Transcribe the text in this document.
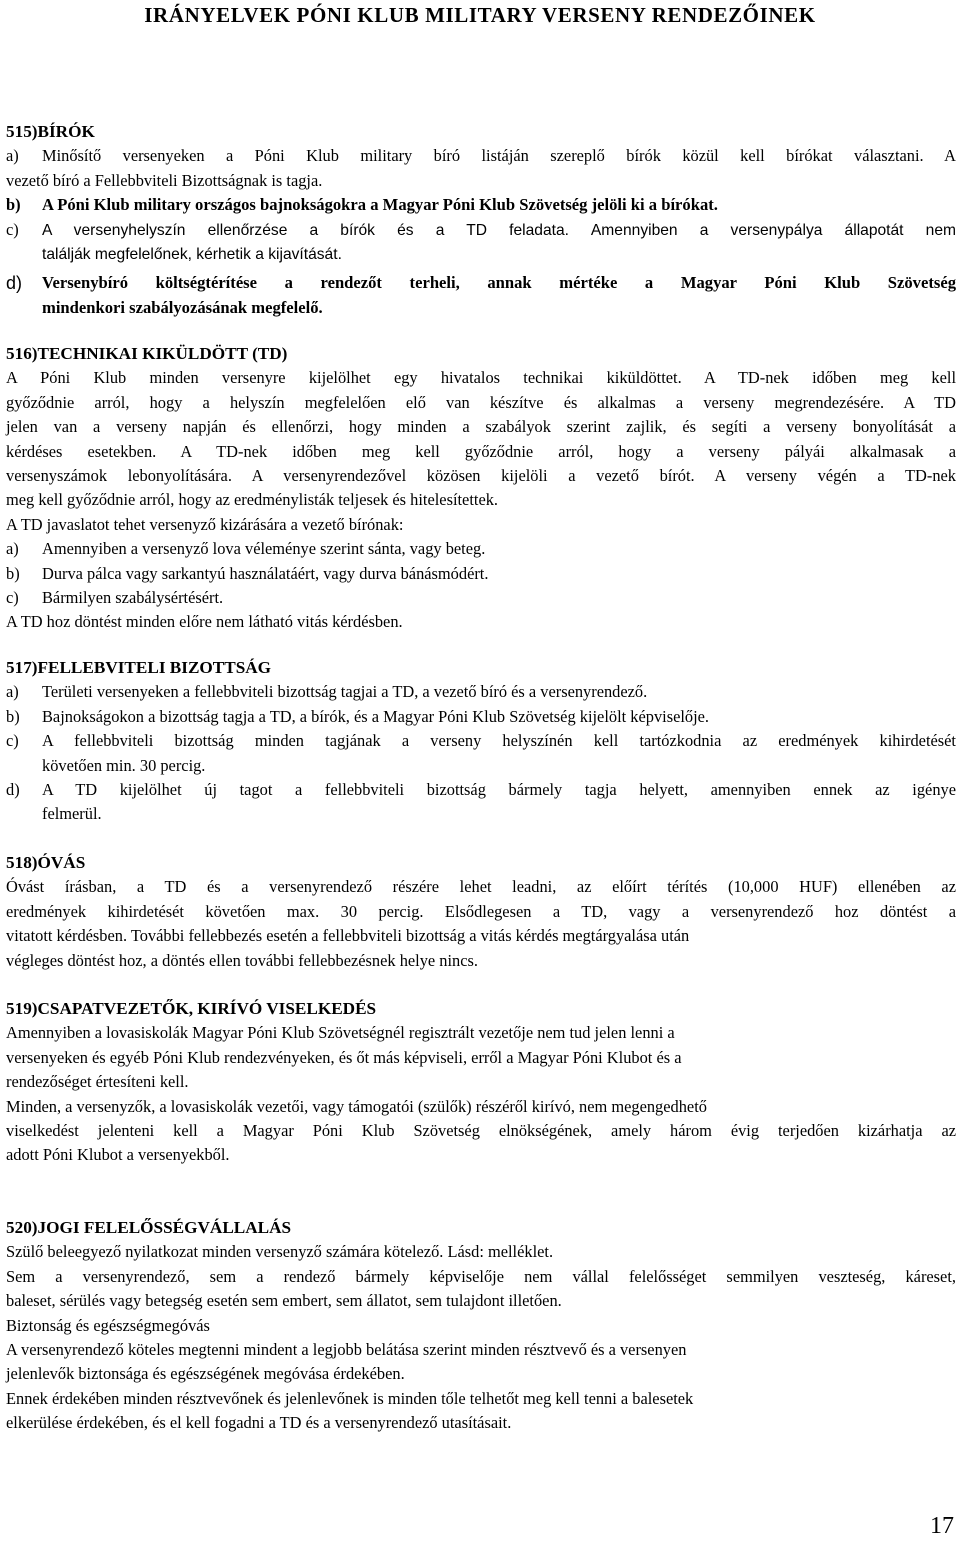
IRÁNYELVEK PÓNI KLUB MILITARY VERSENY RENDEZŐINEK

515)BÍRÓK

a)	Minősítő versenyeken a Póni Klub military bíró listáján szereplő bírók közül kell bírókat választani. A

vezető bíró a Fellebbviteli Bizottságnak is tagja.

b)	A Póni Klub military országos bajnokságokra a Magyar Póni Klub Szövetség jelöli ki a bírókat.
c)	A versenyhelyszín ellenőrzése a bírók és a TD feladata. Amennyiben a versenypálya állapotát nem

találják megfelelőnek, kérhetik a kijavítását.

d)	Versenybíró költségtérítése a rendezőt terheli, annak mértéke a Magyar Póni Klub Szövetség

mindenkori szabályozásának megfelelő.

516)TECHNIKAI KIKÜLDÖTT (TD)

A Póni Klub minden versenyre kijelölhet egy hivatalos technikai kiküldöttet. A TD-nek időben meg kell

győződnie arról, hogy a helyszín megfelelően elő van készítve és alkalmas a verseny megrendezésére. A TD

jelen van a verseny napján és ellenőrzi, hogy minden a szabályok szerint zajlik, és segíti a verseny bonyolítását a

kérdéses esetekben. A TD-nek időben meg kell győződnie arról, hogy a verseny pályái alkalmasak a

versenyszámok lebonyolítására. A versenyrendezővel közösen kijelöli a vezető bírót. A verseny végén a TD-nek

meg kell győződnie arról, hogy az eredménylisták teljesek és hitelesítettek.

A TD javaslatot tehet versenyző kizárására a vezető bírónak:

a)	Amennyiben a versenyző lova véleménye szerint sánta, vagy beteg.
b)	Durva pálca vagy sarkantyú használatáért, vagy durva bánásmódért.
c)	Bármilyen szabálysértésért.

A TD hoz döntést minden előre nem látható vitás kérdésben.

517)FELLEBVITELI BIZOTTSÁG

a)	Területi versenyeken a fellebbviteli bizottság tagjai a TD, a vezető bíró és a versenyrendező.
b)	Bajnokságokon a bizottság tagja a TD, a bírók, és a Magyar Póni Klub Szövetség kijelölt képviselője.
c)	A fellebbviteli bizottság minden tagjának a verseny helyszínén kell tartózkodnia az eredmények kihirdetését

követően min. 30 percig.

d)	A TD kijelölhet új tagot a fellebbviteli bizottság bármely tagja helyett, amennyiben ennek az igénye

felmerül.

518)ÓVÁS

Óvást írásban, a TD és a versenyrendező részére lehet leadni, az előírt térítés (10,000 HUF) ellenében az

eredmények kihirdetését követően max. 30 percig. Elsődlegesen a TD, vagy a versenyrendező hoz döntést a

vitatott kérdésben. További fellebbezés esetén a fellebbviteli bizottság a vitás kérdés megtárgyalása után

végleges döntést hoz, a döntés ellen további fellebbezésnek helye nincs.

519)CSAPATVEZETŐK, KIRÍVÓ VISELKEDÉS

Amennyiben a lovasiskolák Magyar Póni Klub Szövetségnél regisztrált vezetője nem tud jelen lenni a

versenyeken és egyéb Póni Klub rendezvényeken, és őt más képviseli, erről a Magyar Póni Klubot és a

rendezőséget értesíteni kell.

Minden, a versenyzők, a lovasiskolák vezetői, vagy támogatói (szülők) részéről kirívó, nem megengedhető

viselkedést jelenteni kell a Magyar Póni Klub Szövetség elnökségének, amely három évig terjedően kizárhatja az

adott Póni Klubot a versenyekből.

520)JOGI FELELŐSSÉGVÁLLALÁS

Szülő beleegyező nyilatkozat minden versenyző számára kötelező. Lásd: melléklet.

Sem a versenyrendező, sem a rendező bármely képviselője nem vállal felelősséget semmilyen veszteség, káreset,

baleset, sérülés vagy betegség esetén sem embert, sem állatot, sem tulajdont illetően.

Biztonság és egészségmegóvás

A versenyrendező köteles megtenni mindent a legjobb belátása szerint minden résztvevő és a versenyen

jelenlevők biztonsága és egészségének megóvása érdekében.

Ennek érdekében minden résztvevőnek és jelenlevőnek is minden tőle telhetőt meg kell tenni a balesetek

elkerülése érdekében, és el kell fogadni a TD és a versenyrendező utasításait.

17
